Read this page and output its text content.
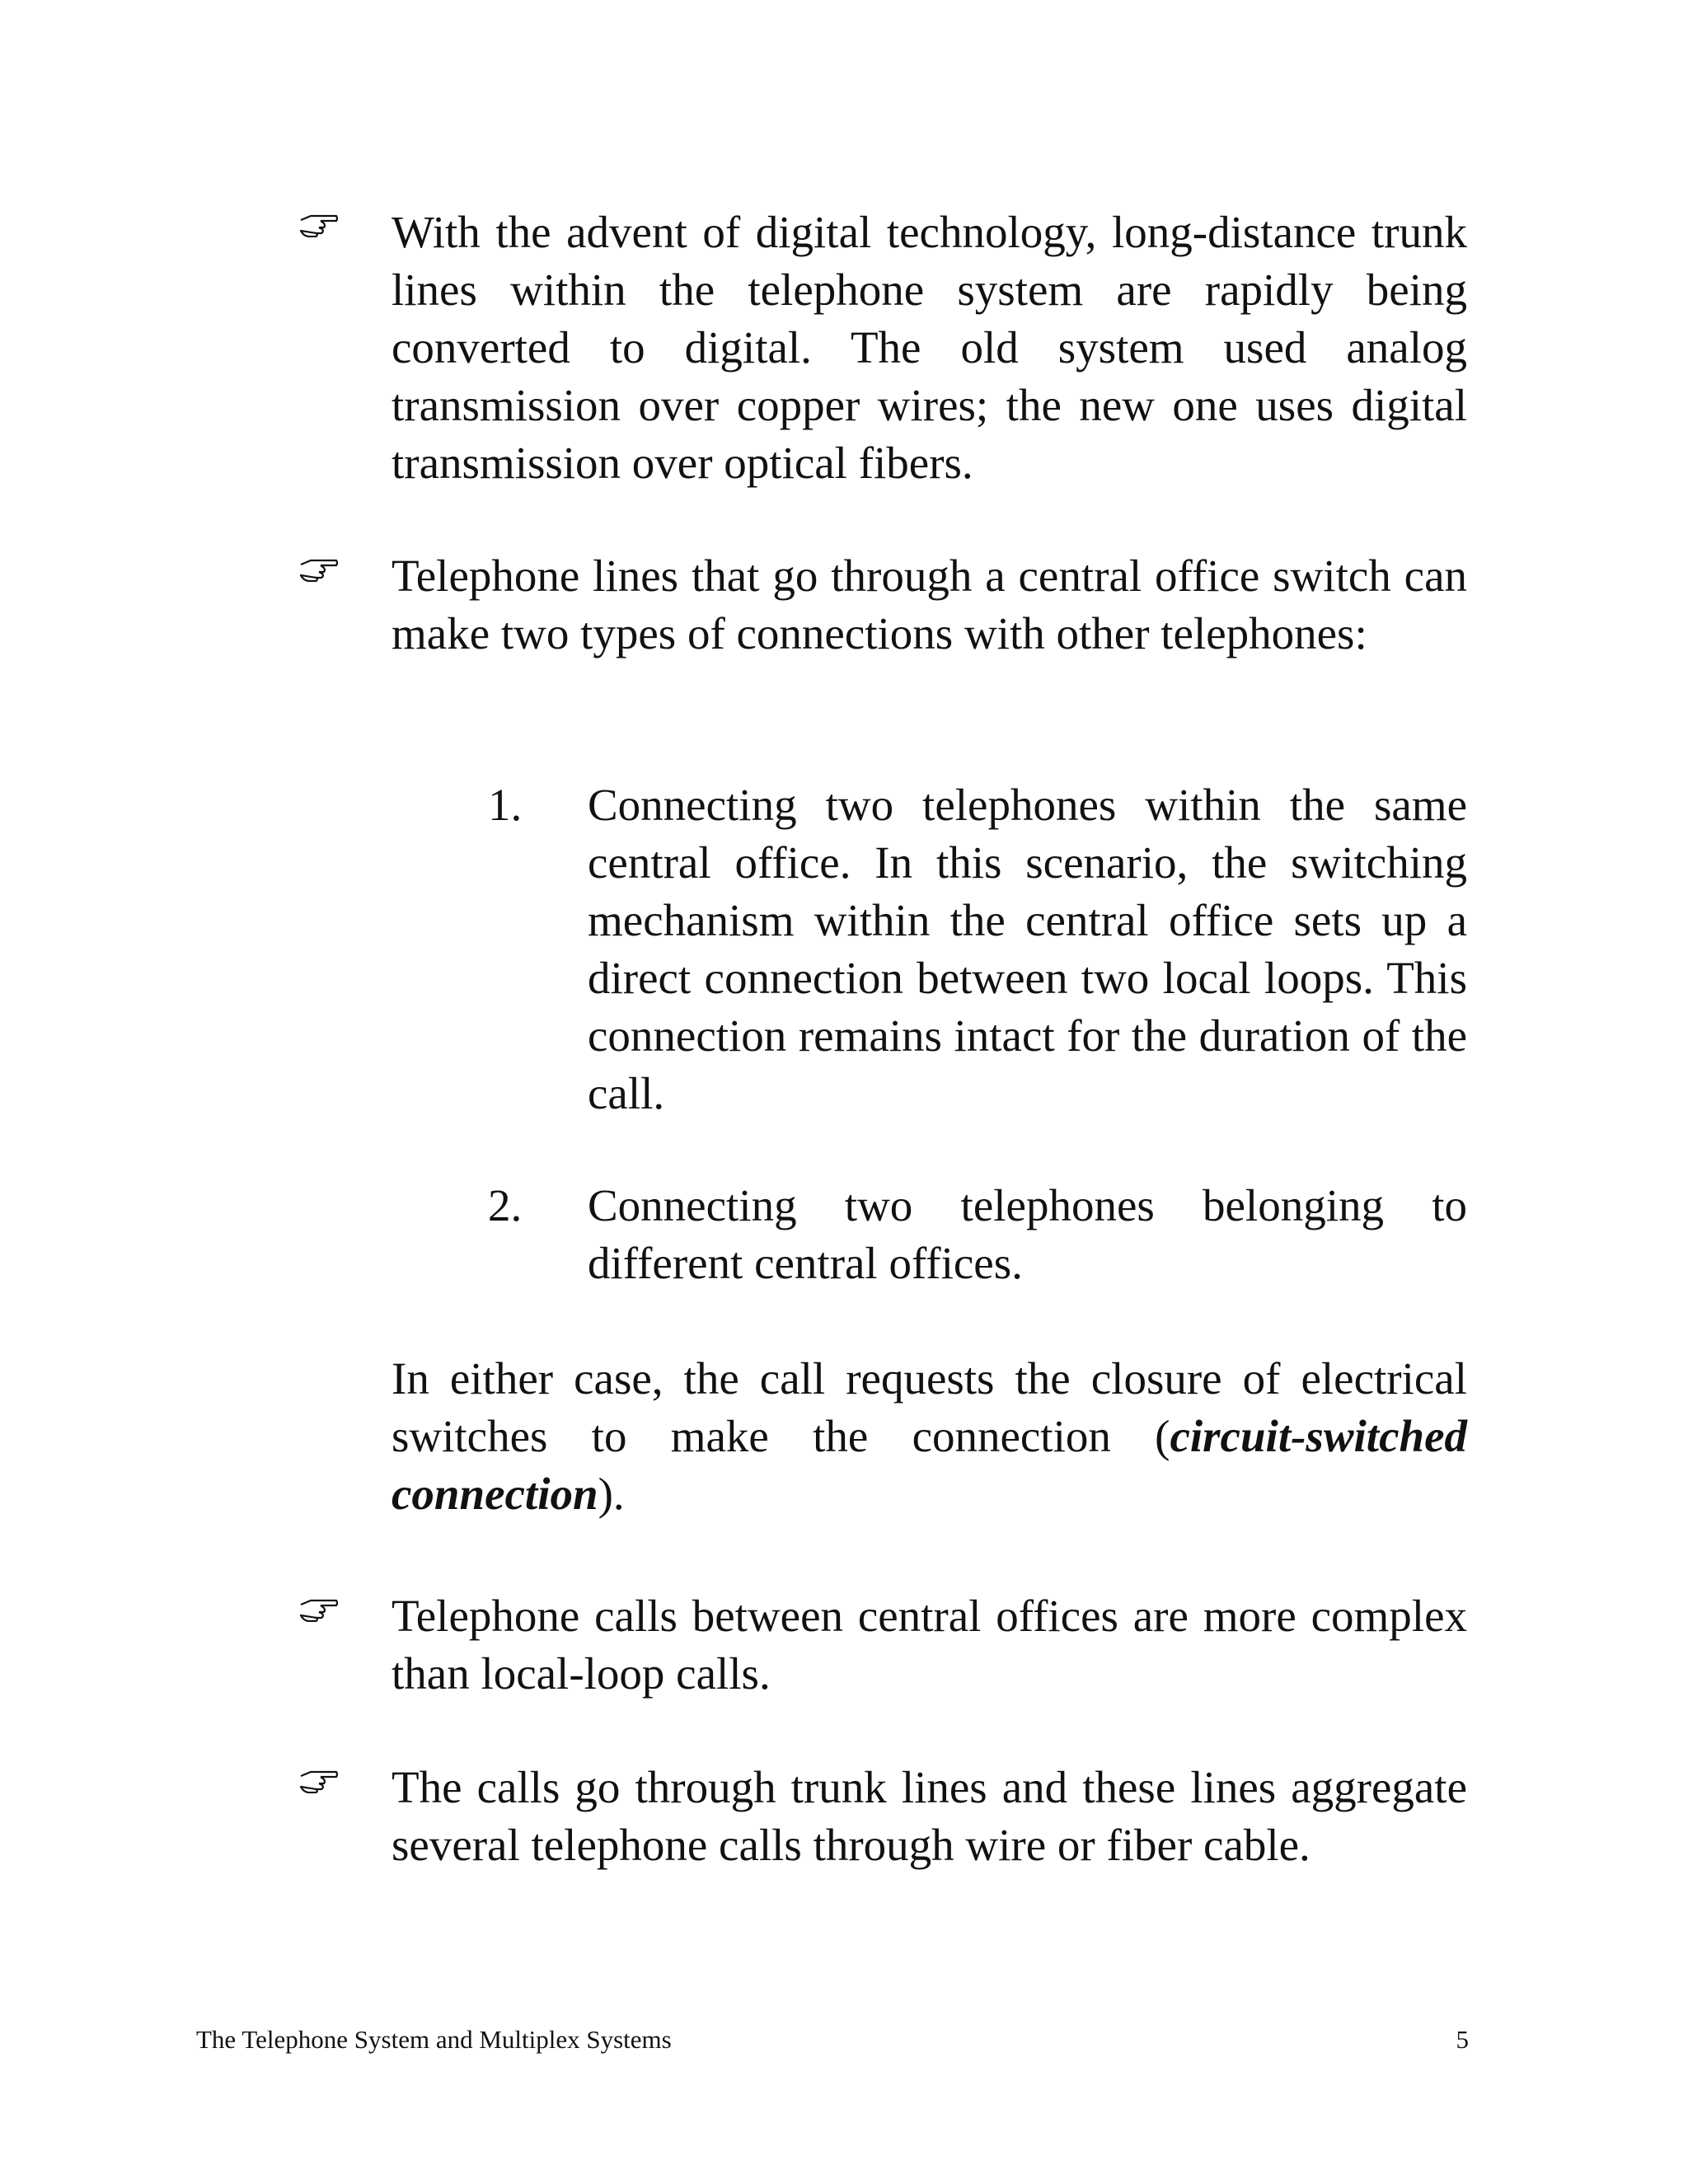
With the advent of digital technology, long-distance trunk lines within the telephone system are rapidly being converted to digital. The old system used analog transmission over copper wires; the new one uses digital transmission over optical fibers.
Telephone lines that go through a central office switch can make two types of connections with other telephones:
1. Connecting two telephones within the same central office. In this scenario, the switching mechanism within the central office sets up a direct connection between two local loops. This connection remains intact for the duration of the call.
2. Connecting two telephones belonging to different central offices.
In either case, the call requests the closure of electrical switches to make the connection (circuit-switched connection).
Telephone calls between central offices are more complex than local-loop calls.
The calls go through trunk lines and these lines aggregate several telephone calls through wire or fiber cable.
The Telephone System and Multiplex Systems	5
